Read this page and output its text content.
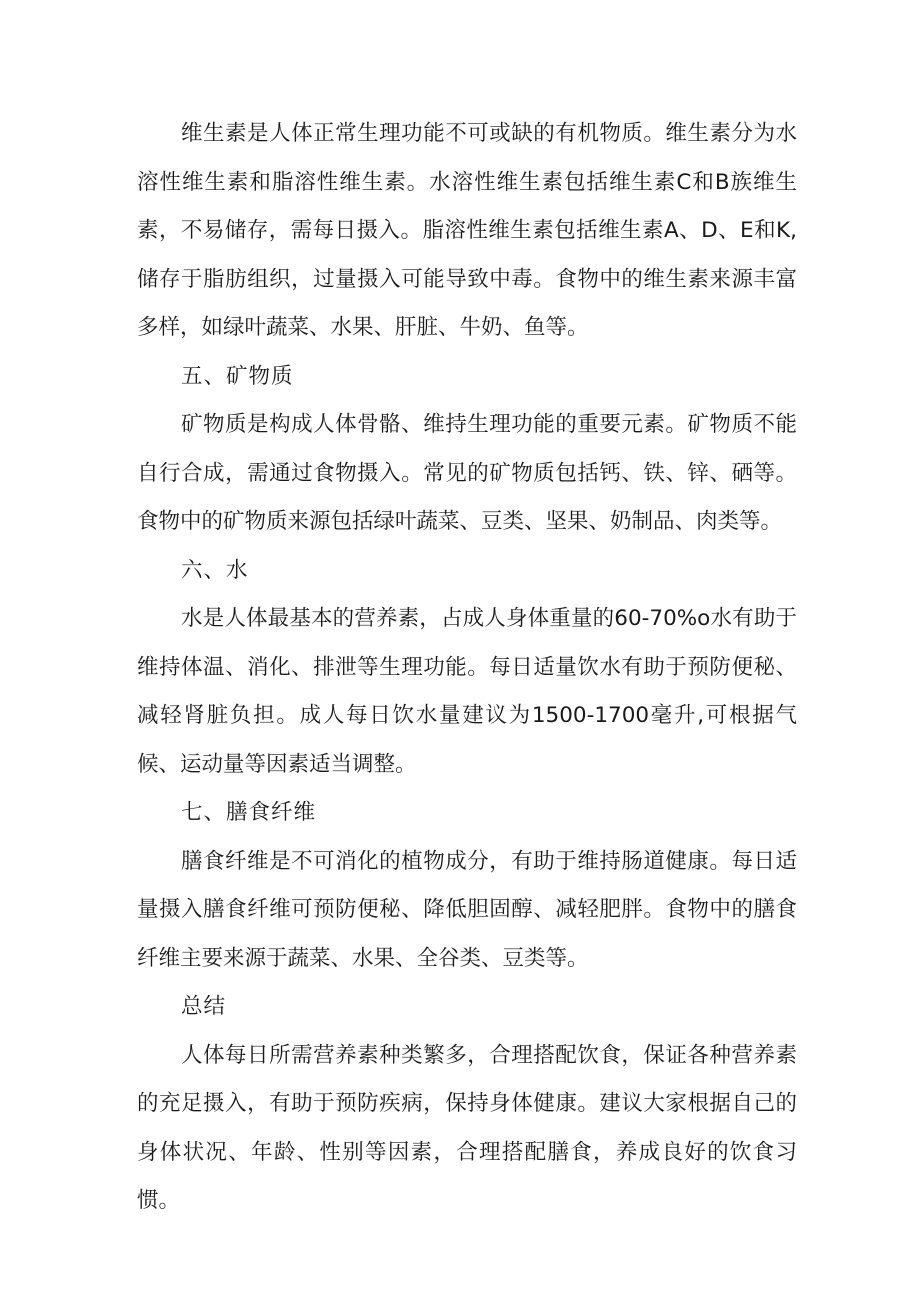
维生素是人体正常生理功能不可或缺的有机物质。维生素分为水溶性维生素和脂溶性维生素。水溶性维生素包括维生素C和B族维生素，不易储存，需每日摄入。脂溶性维生素包括维生素A、D、E和K,储存于脂肪组织，过量摄入可能导致中毒。食物中的维生素来源丰富多样，如绿叶蔬菜、水果、肝脏、牛奶、鱼等。

五、矿物质

矿物质是构成人体骨骼、维持生理功能的重要元素。矿物质不能自行合成，需通过食物摄入。常见的矿物质包括钙、铁、锌、硒等。食物中的矿物质来源包括绿叶蔬菜、豆类、坚果、奶制品、肉类等。

六、水

水是人体最基本的营养素，占成人身体重量的60-70%o水有助于维持体温、消化、排泄等生理功能。每日适量饮水有助于预防便秘、减轻肾脏负担。成人每日饮水量建议为1500-1700毫升,可根据气候、运动量等因素适当调整。

七、膳食纤维

膳食纤维是不可消化的植物成分，有助于维持肠道健康。每日适量摄入膳食纤维可预防便秘、降低胆固醇、减轻肥胖。食物中的膳食纤维主要来源于蔬菜、水果、全谷类、豆类等。

总结

人体每日所需营养素种类繁多，合理搭配饮食，保证各种营养素的充足摄入，有助于预防疾病，保持身体健康。建议大家根据自己的身体状况、年龄、性别等因素，合理搭配膳食，养成良好的饮食习惯。
